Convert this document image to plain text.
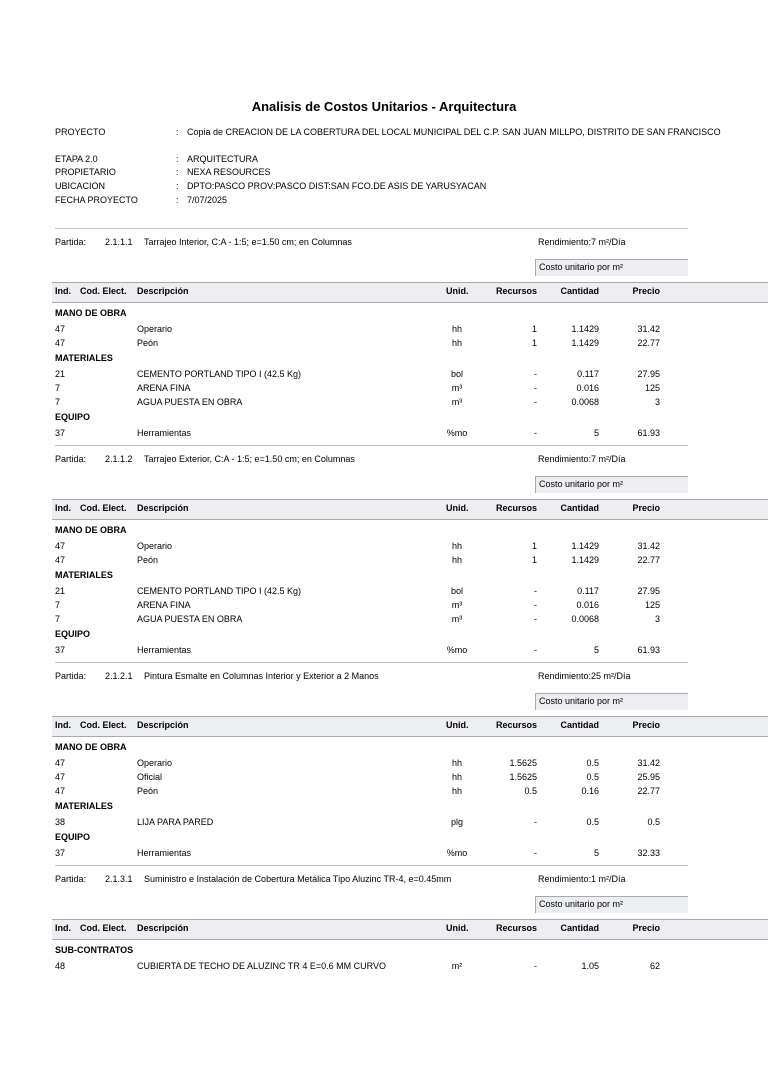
Analisis de Costos Unitarios - Arquitectura
PROYECTO	: Copia de CREACION DE LA COBERTURA DEL LOCAL MUNICIPAL DEL C.P. SAN JUAN MILLPO, DISTRITO DE SAN FRANCISCO
ETAPA 2.0	: ARQUITECTURA
PROPIETARIO	: NEXA RESOURCES
UBICACION	: DPTO:PASCO PROV:PASCO DIST:SAN FCO.DE ASIS DE YARUSYACAN
FECHA PROYECTO	: 7/07/2025
Partida: 2.1.1.1 Tarrajeo Interior, C:A - 1:5; e=1.50 cm; en Columnas	Rendimiento:7 m²/Día
Costo unitario por m²
Ind. Cod. Elect. Descripción	Unid.	Recursos	Cantidad	Precio
MANO DE OBRA
47	Operario	hh	1	1.1429	31.42
47	Peón	hh	1	1.1429	22.77
MATERIALES
21	CEMENTO PORTLAND TIPO I (42.5 Kg)	bol	-	0.117	27.95
7	ARENA FINA	m³	-	0.016	125
7	AGUA PUESTA EN OBRA	m³	-	0.0068	3
EQUIPO
37	Herramientas	%mo	-	5	61.93
Partida: 2.1.1.2 Tarrajeo Exterior, C:A - 1:5; e=1.50 cm; en Columnas	Rendimiento:7 m²/Día
Costo unitario por m²
Ind. Cod. Elect. Descripción	Unid.	Recursos	Cantidad	Precio
MANO DE OBRA
47	Operario	hh	1	1.1429	31.42
47	Peón	hh	1	1.1429	22.77
MATERIALES
21	CEMENTO PORTLAND TIPO I (42.5 Kg)	bol	-	0.117	27.95
7	ARENA FINA	m³	-	0.016	125
7	AGUA PUESTA EN OBRA	m³	-	0.0068	3
EQUIPO
37	Herramientas	%mo	-	5	61.93
Partida: 2.1.2.1 Pintura Esmalte en Columnas Interior y Exterior a 2 Manos	Rendimiento:25 m²/Día
Costo unitario por m²
Ind. Cod. Elect. Descripción	Unid.	Recursos	Cantidad	Precio
MANO DE OBRA
47	Operario	hh	1.5625	0.5	31.42
47	Oficial	hh	1.5625	0.5	25.95
47	Peón	hh	0.5	0.16	22.77
MATERIALES
38	LIJA PARA PARED	plg	-	0.5	0.5
EQUIPO
37	Herramientas	%mo	-	5	32.33
Partida: 2.1.3.1 Suministro e Instalación de Cobertura Metálica Tipo Aluzinc TR-4, e=0.45mm	Rendimiento:1 m²/Día
Costo unitario por m²
Ind. Cod. Elect. Descripción	Unid.	Recursos	Cantidad	Precio
SUB-CONTRATOS
48	CUBIERTA DE TECHO DE ALUZINC TR 4 E=0.6 MM CURVO	m²	-	1.05	62
